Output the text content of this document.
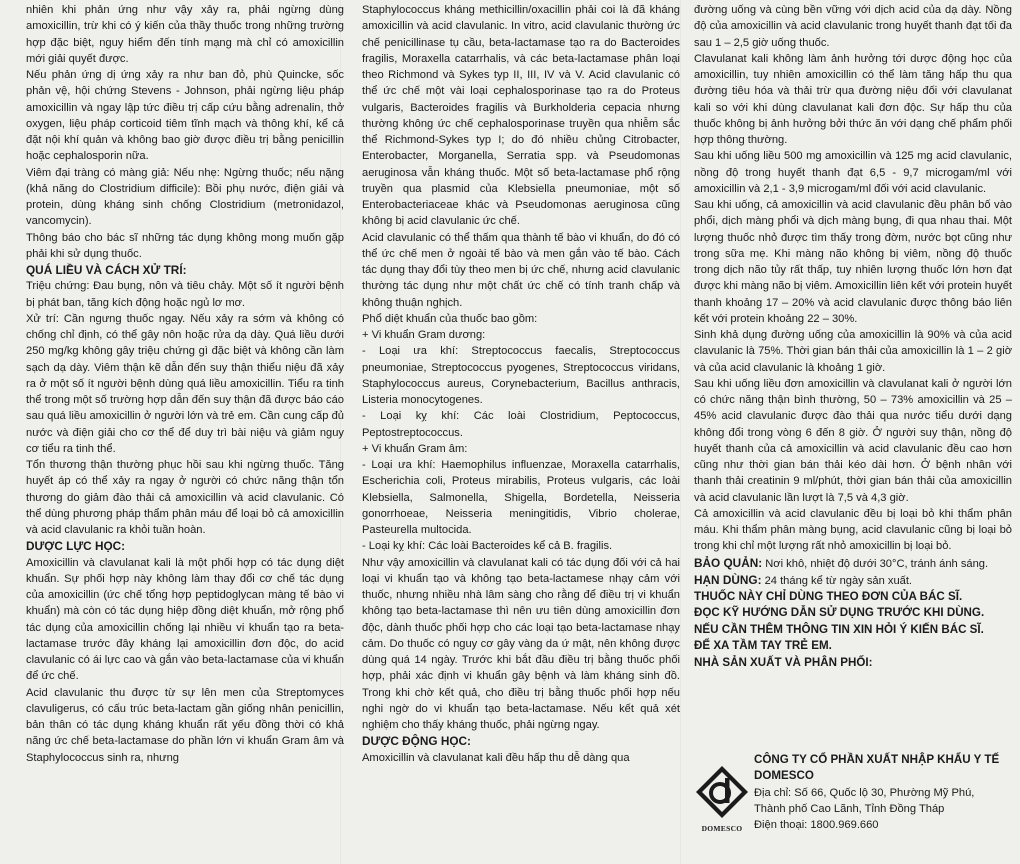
nhiên khi phản ứng như vậy xảy ra, phải ngừng dùng amoxicillin, trừ khi có ý kiến của thầy thuốc trong những trường hợp đặc biệt, nguy hiểm đến tính mạng mà chỉ có amoxicillin mới giải quyết được.

Nếu phản ứng dị ứng xảy ra như ban đỏ, phù Quincke, sốc phản vệ, hội chứng Stevens - Johnson, phải ngừng liệu pháp amoxicillin và ngay lập tức điều trị cấp cứu bằng adrenalin, thở oxygen, liệu pháp corticoid tiêm tĩnh mạch và thông khí, kể cả đặt nội khí quản và không bao giờ được điều trị bằng penicillin hoặc cephalosporin nữa.

Viêm đại tràng có màng giả: Nếu nhẹ: Ngừng thuốc; nếu nặng (khả năng do Clostridium difficile): Bồi phụ nước, điện giải và protein, dùng kháng sinh chống Clostridium (metronidazol, vancomycin).

Thông báo cho bác sĩ những tác dụng không mong muốn gặp phải khi sử dụng thuốc.

QUÁ LIỀU VÀ CÁCH XỬ TRÍ:

Triệu chứng: Đau bụng, nôn và tiêu chảy. Một số ít người bệnh bị phát ban, tăng kích động hoặc ngủ lơ mơ.

Xử trí: Cần ngưng thuốc ngay. Nếu xảy ra sớm và không có chống chỉ định, có thể gây nôn hoặc rửa dạ dày. Quá liều dưới 250 mg/kg không gây triệu chứng gì đặc biệt và không cần làm sạch dạ dày. Viêm thận kẽ dẫn đến suy thận thiểu niệu đã xảy ra ở một số ít người bệnh dùng quá liều amoxicillin. Tiểu ra tinh thể trong một số trường hợp dẫn đến suy thận đã được báo cáo sau quá liều amoxicillin ở người lớn và trẻ em. Cần cung cấp đủ nước và điện giải cho cơ thể để duy trì bài niệu và giảm nguy cơ tiểu ra tinh thể.

Tổn thương thận thường phục hồi sau khi ngừng thuốc. Tăng huyết áp có thể xảy ra ngay ở người có chức năng thận tổn thương do giảm đào thải cả amoxicillin và acid clavulanic. Có thể dùng phương pháp thẩm phân máu để loại bỏ cả amoxicillin và acid clavulanic ra khỏi tuần hoàn.

DƯỢC LỰC HỌC:

Amoxicillin và clavulanat kali là một phối hợp có tác dụng diệt khuẩn. Sự phối hợp này không làm thay đổi cơ chế tác dụng của amoxicillin (ức chế tổng hợp peptidoglycan màng tế bào vi khuẩn) mà còn có tác dụng hiệp đồng diệt khuẩn, mở rộng phổ tác dụng của amoxicillin chống lại nhiều vi khuẩn tạo ra beta-lactamase trước đây kháng lại amoxicillin đơn độc, do acid clavulanic có ái lực cao và gắn vào beta-lactamase của vi khuẩn để ức chế.

Acid clavulanic thu được từ sự lên men của Streptomyces clavuligerus, có cấu trúc beta-lactam gần giống nhân penicillin, bản thân có tác dụng kháng khuẩn rất yếu đồng thời có khả năng ức chế beta-lactamase do phần lớn vi khuẩn Gram âm và Staphylococcus sinh ra, nhưng

Staphylococcus kháng methicillin/oxacillin phải coi là đã kháng amoxicillin và acid clavulanic. In vitro, acid clavulanic thường ức chế penicillinase tụ cầu, beta-lactamase tạo ra do Bacteroides fragilis, Moraxella catarrhalis, và các beta-lactamase phân loại theo Richmond và Sykes typ II, III, IV và V. Acid clavulanic có thể ức chế một vài loại cephalosporinase tạo ra do Proteus vulgaris, Bacteroides fragilis và Burkholderia cepacia nhưng thường không ức chế cephalosporinase truyền qua nhiễm sắc thể Richmond-Sykes typ I; do đó nhiều chủng Citrobacter, Enterobacter, Morganella, Serratia spp. và Pseudomonas aeruginosa vẫn kháng thuốc. Một số beta-lactamase phổ rộng truyền qua plasmid của Klebsiella pneumoniae, một số Enterobacteriaceae khác và Pseudomonas aeruginosa cũng không bị acid clavulanic ức chế.

Acid clavulanic có thể thấm qua thành tế bào vi khuẩn, do đó có thể ức chế men ở ngoài tế bào và men gắn vào tế bào. Cách tác dụng thay đổi tùy theo men bị ức chế, nhưng acid clavulanic thường tác dụng như một chất ức chế có tính tranh chấp và không thuận nghịch.

Phổ diệt khuẩn của thuốc bao gồm:

+ Vi khuẩn Gram dương:

- Loại ưa khí: Streptococcus faecalis, Streptococcus pneumoniae, Streptococcus pyogenes, Streptococcus viridans, Staphylococcus aureus, Corynebacterium, Bacillus anthracis, Listeria monocytogenes.

- Loại kỵ khí: Các loài Clostridium, Peptococcus, Peptostreptococcus.

+ Vi khuẩn Gram âm:

- Loại ưa khí: Haemophilus influenzae, Moraxella catarrhalis, Escherichia coli, Proteus mirabilis, Proteus vulgaris, các loài Klebsiella, Salmonella, Shigella, Bordetella, Neisseria gonorrhoeae, Neisseria meningitidis, Vibrio cholerae, Pasteurella multocida.

- Loại kỵ khí: Các loài Bacteroides kể cả B. fragilis.

Như vậy amoxicillin và clavulanat kali có tác dụng đối với cả hai loại vi khuẩn tạo và không tạo beta-lactamese nhạy cảm với thuốc, nhưng nhiều nhà lâm sàng cho rằng để điều trị vi khuẩn không tạo beta-lactamase thì nên ưu tiên dùng amoxicillin đơn độc, dành thuốc phối hợp cho các loại tạo beta-lactamase nhạy cảm. Do thuốc có nguy cơ gây vàng da ứ mật, nên không được dùng quá 14 ngày. Trước khi bắt đầu điều trị bằng thuốc phối hợp, phải xác định vi khuẩn gây bệnh và làm kháng sinh đồ. Trong khi chờ kết quả, cho điều trị bằng thuốc phối hợp nếu nghi ngờ do vi khuẩn tạo beta-lactamase. Nếu kết quả xét nghiệm cho thấy kháng thuốc, phải ngừng ngay.

DƯỢC ĐỘNG HỌC:

Amoxicillin và clavulanat kali đều hấp thu dễ dàng qua

đường uống và cùng bền vững với dịch acid của dạ dày. Nồng độ của amoxicillin và acid clavulanic trong huyết thanh đạt tối đa sau 1 – 2,5 giờ uống thuốc.

Clavulanat kali không làm ảnh hưởng tới dược động học của amoxicillin, tuy nhiên amoxicillin có thể làm tăng hấp thu qua đường tiêu hóa và thải trừ qua đường niệu đối với clavulanat kali so với khi dùng clavulanat kali đơn độc. Sự hấp thu của thuốc không bị ảnh hưởng bởi thức ăn với dạng chế phẩm phối hợp thông thường.

Sau khi uống liều 500 mg amoxicillin và 125 mg acid clavulanic, nồng độ trong huyết thanh đạt 6,5 - 9,7 microgam/ml với amoxicillin và 2,1 - 3,9 microgam/ml đối với acid clavulanic.

Sau khi uống, cả amoxicillin và acid clavulanic đều phân bố vào phổi, dịch màng phổi và dịch màng bụng, đi qua nhau thai. Một lượng thuốc nhỏ được tìm thấy trong đờm, nước bọt cũng như trong sữa mẹ. Khi màng não không bị viêm, nồng độ thuốc trong dịch não tủy rất thấp, tuy nhiên lượng thuốc lớn hơn đạt được khi màng não bị viêm. Amoxicillin liên kết với protein huyết thanh khoảng 17 – 20% và acid clavulanic được thông báo liên kết với protein khoảng 22 – 30%.

Sinh khả dụng đường uống của amoxicillin là 90% và của acid clavulanic là 75%. Thời gian bán thải của amoxicillin là 1 – 2 giờ và của acid clavulanic là khoảng 1 giờ.

Sau khi uống liều đơn amoxicillin và clavulanat kali ở người lớn có chức năng thận bình thường, 50 – 73% amoxicillin và 25 – 45% acid clavulanic được đào thải qua nước tiểu dưới dạng không đổi trong vòng 6 đến 8 giờ. Ở người suy thận, nồng độ huyết thanh của cả amoxicillin và acid clavulanic đều cao hơn cũng như thời gian bán thải kéo dài hơn. Ở bệnh nhân với thanh thải creatinin 9 ml/phút, thời gian bán thải của amoxicillin và acid clavulanic lần lượt là 7,5 và 4,3 giờ.

Cả amoxicillin và acid clavulanic đều bị loại bỏ khi thẩm phân máu. Khi thẩm phân màng bụng, acid clavulanic cũng bị loại bỏ trong khi chỉ một lượng rất nhỏ amoxicillin bị loại bỏ.

BẢO QUẢN: Nơi khô, nhiệt độ dưới 30°C, tránh ánh sáng.

HẠN DÙNG: 24 tháng kể từ ngày sản xuất.

THUỐC NÀY CHỈ DÙNG THEO ĐƠN CỦA BÁC SĨ.

ĐỌC KỸ HƯỚNG DẪN SỬ DỤNG TRƯỚC KHI DÙNG.

NẾU CẦN THÊM THÔNG TIN XIN HỎI Ý KIẾN BÁC SĨ.

ĐỂ XA TẦM TAY TRẺ EM.

NHÀ SẢN XUẤT VÀ PHÂN PHỐI:

DOMESCO
CÔNG TY CỔ PHẦN XUẤT NHẬP KHẨU Y TẾ
DOMESCO
Địa chỉ: Số 66, Quốc lộ 30, Phường Mỹ Phú,
Thành phố Cao Lãnh, Tỉnh Đồng Tháp
Điện thoại: 1800.969.660
